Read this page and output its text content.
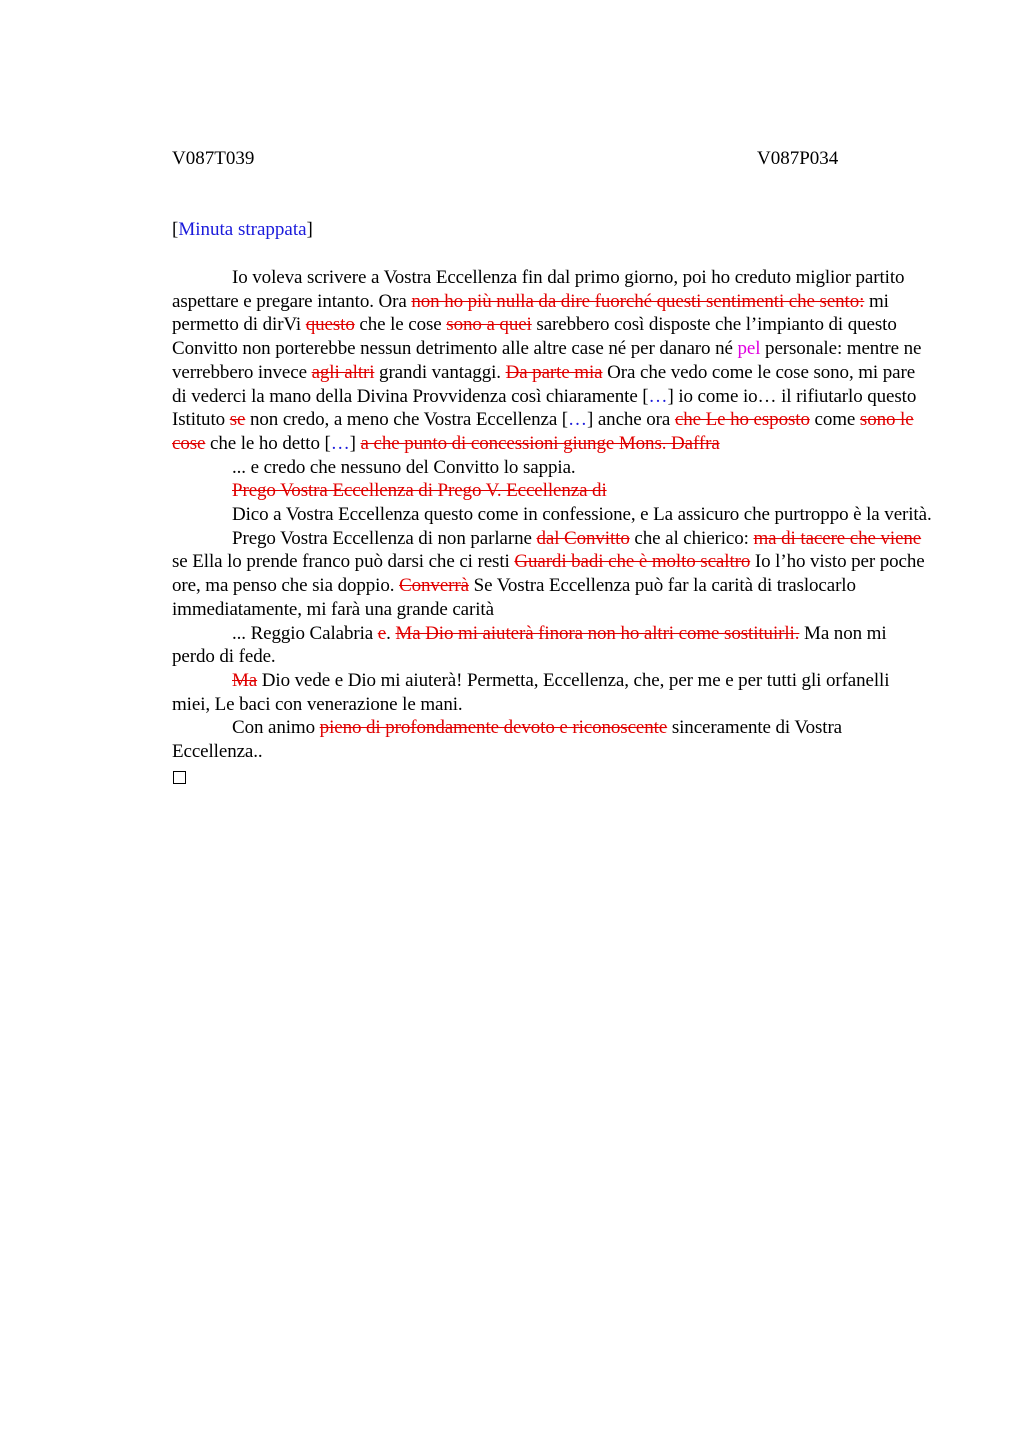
V087T039	V087P034
[Minuta strappata]

Io voleva scrivere a Vostra Eccellenza fin dal primo giorno, poi ho creduto miglior partito aspettare e pregare intanto. Ora non ho più nulla da dire fuorché questi sentimenti che sento: mi permetto di dirVi questo che le cose sono a quei sarebbero così disposte che l’impianto di questo Convitto non porterebbe nessun detrimento alle altre case né per danaro né pel personale: mentre ne verrebbero invece agli altri grandi vantaggi. Da parte mia Ora che vedo come le cose sono, mi pare di vederci la mano della Divina Provvidenza così chiaramente […] io come io… il rifiutarlo questo Istituto se non credo, a meno che Vostra Eccellenza […] anche ora che Le ho esposto come sono le cose che le ho detto […] a che punto di concessioni giunge Mons. Daffra

... e credo che nessuno del Convitto lo sappia.

Prego Vostra Eccellenza di Prego V. Eccellenza di

Dico a Vostra Eccellenza questo come in confessione, e La assicuro che purtroppo è la verità.

Prego Vostra Eccellenza di non parlarne dal Convitto che al chierico: ma di tacere che viene se Ella lo prende franco può darsi che ci resti Guardi badi che è molto scaltro Io l’ho visto per poche ore, ma penso che sia doppio. Converrà Se Vostra Eccellenza può far la carità di traslocarlo immediatamente, mi farà una grande carità

... Reggio Calabria e. Ma Dio mi aiuterà finora non ho altri come sostituirli. Ma non mi perdo di fede.

Ma Dio vede e Dio mi aiuterà! Permetta, Eccellenza, che, per me e per tutti gli orfanelli miei, Le baci con venerazione le mani.

Con animo pieno di profondamente devoto e riconoscente sinceramente di Vostra Eccellenza..
